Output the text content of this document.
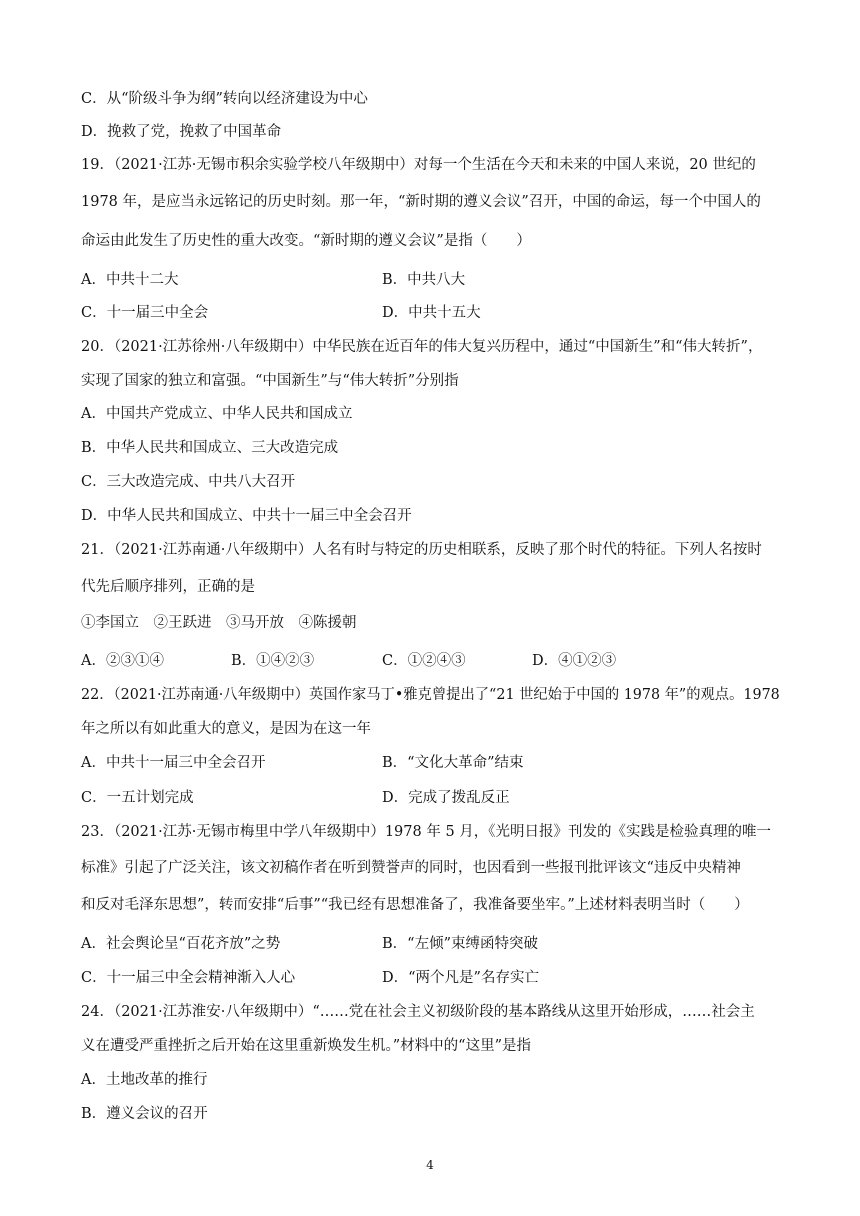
C．从“阶级斗争为纲”转向以经济建设为中心
D．挽救了党，挽救了中国革命
19．（2021·江苏·无锡市积余实验学校八年级期中）对每一个生活在今天和未来的中国人来说，20 世纪的
1978 年，是应当永远铭记的历史时刻。那一年，“新时期的遵义会议”召开，中国的命运，每一个中国人的
命运由此发生了历史性的重大改变。“新时期的遵义会议”是指（　　）
A．中共十二大	B．中共八大
C．十一届三中全会	D．中共十五大
20．（2021·江苏徐州·八年级期中）中华民族在近百年的伟大复兴历程中，通过“中国新生”和“伟大转折”，
实现了国家的独立和富强。“中国新生”与“伟大转折”分别指
A．中国共产党成立、中华人民共和国成立
B．中华人民共和国成立、三大改造完成
C．三大改造完成、中共八大召开
D．中华人民共和国成立、中共十一届三中全会召开
21．（2021·江苏南通·八年级期中）人名有时与特定的历史相联系，反映了那个时代的特征。下列人名按时
代先后顺序排列，正确的是
①李国立　②王跃进　③马开放　④陈援朝
A．②③①④	B．①④②③	C．①②④③	D．④①②③
22．（2021·江苏南通·八年级期中）英国作家马丁•雅克曾提出了“21 世纪始于中国的 1978 年”的观点。1978
年之所以有如此重大的意义，是因为在这一年
A．中共十一届三中全会召开	B．“文化大革命”结束
C．一五计划完成	D．完成了拨乱反正
23．（2021·江苏·无锡市梅里中学八年级期中）1978 年 5 月，《光明日报》刊发的《实践是检验真理的唯一
标准》引起了广泛关注，该文初稿作者在听到赞誉声的同时，也因看到一些报刊批评该文“违反中央精神
和反对毛泽东思想”，转而安排“后事”“我已经有思想准备了，我准备要坐牢。”上述材料表明当时（　　）
A．社会舆论呈“百花齐放”之势	B．“左倾”束缚函特突破
C．十一届三中全会精神渐入人心	D．“两个凡是”名存实亡
24．（2021·江苏淮安·八年级期中）“……党在社会主义初级阶段的基本路线从这里开始形成，……社会主
义在遭受严重挫折之后开始在这里重新焕发生机。”材料中的“这里”是指
A．土地改革的推行
B．遵义会议的召开
4
